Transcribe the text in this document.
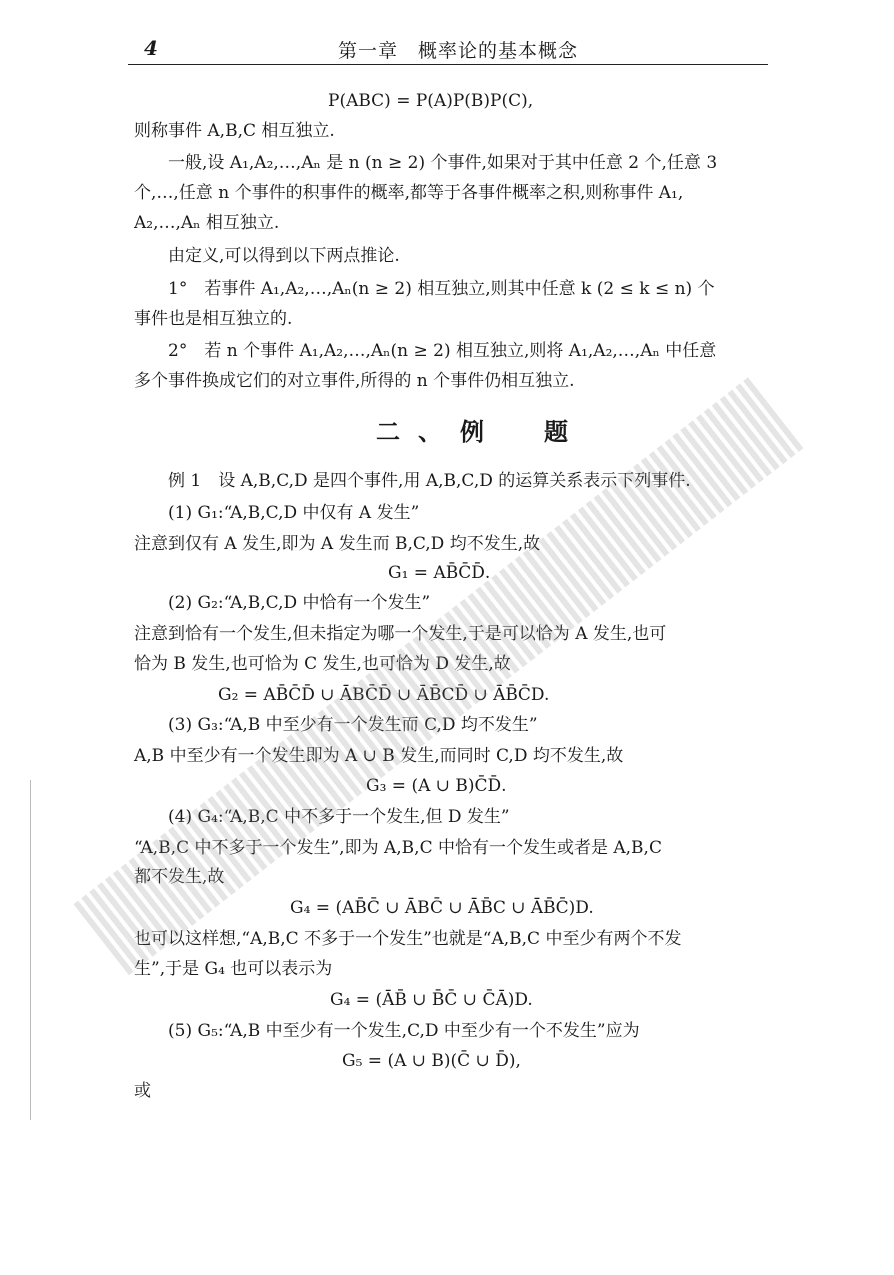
4	第一章　概率论的基本概念
P(ABC) = P(A)P(B)P(C),
则称事件 A,B,C 相互独立.
一般,设 A₁,A₂,…,Aₙ 是 n (n ≥ 2) 个事件,如果对于其中任意 2 个,任意 3
个,…,任意 n 个事件的积事件的概率,都等于各事件概率之积,则称事件 A₁,
A₂,…,Aₙ 相互独立.
由定义,可以得到以下两点推论.
1°　若事件 A₁,A₂,…,Aₙ(n ≥ 2) 相互独立,则其中任意 k (2 ≤ k ≤ n) 个
事件也是相互独立的.
2°　若 n 个事件 A₁,A₂,…,Aₙ(n ≥ 2) 相互独立,则将 A₁,A₂,…,Aₙ 中任意
多个事件换成它们的对立事件,所得的 n 个事件仍相互独立.
二、例　题
例 1　设 A,B,C,D 是四个事件,用 A,B,C,D 的运算关系表示下列事件.
(1) G₁:“A,B,C,D 中仅有 A 发生”
注意到仅有 A 发生,即为 A 发生而 B,C,D 均不发生,故
G₁ = AB̄C̄D̄.
(2) G₂:“A,B,C,D 中恰有一个发生”
注意到恰有一个发生,但未指定为哪一个发生,于是可以恰为 A 发生,也可
恰为 B 发生,也可恰为 C 发生,也可恰为 D 发生,故
G₂ = AB̄C̄D̄ ∪ ĀBC̄D̄ ∪ ĀB̄CD̄ ∪ ĀB̄C̄D.
(3) G₃:“A,B 中至少有一个发生而 C,D 均不发生”
A,B 中至少有一个发生即为 A ∪ B 发生,而同时 C,D 均不发生,故
G₃ = (A ∪ B)C̄D̄.
(4) G₄:“A,B,C 中不多于一个发生,但 D 发生”
“A,B,C 中不多于一个发生”,即为 A,B,C 中恰有一个发生或者是 A,B,C
都不发生,故
G₄ = (AB̄C̄ ∪ ĀBC̄ ∪ ĀB̄C ∪ ĀB̄C̄)D.
也可以这样想,“A,B,C 不多于一个发生”也就是“A,B,C 中至少有两个不发
生”,于是 G₄ 也可以表示为
G₄ = (ĀB̄ ∪ B̄C̄ ∪ C̄Ā)D.
(5) G₅:“A,B 中至少有一个发生,C,D 中至少有一个不发生”应为
G₅ = (A ∪ B)(C̄ ∪ D̄),
或
